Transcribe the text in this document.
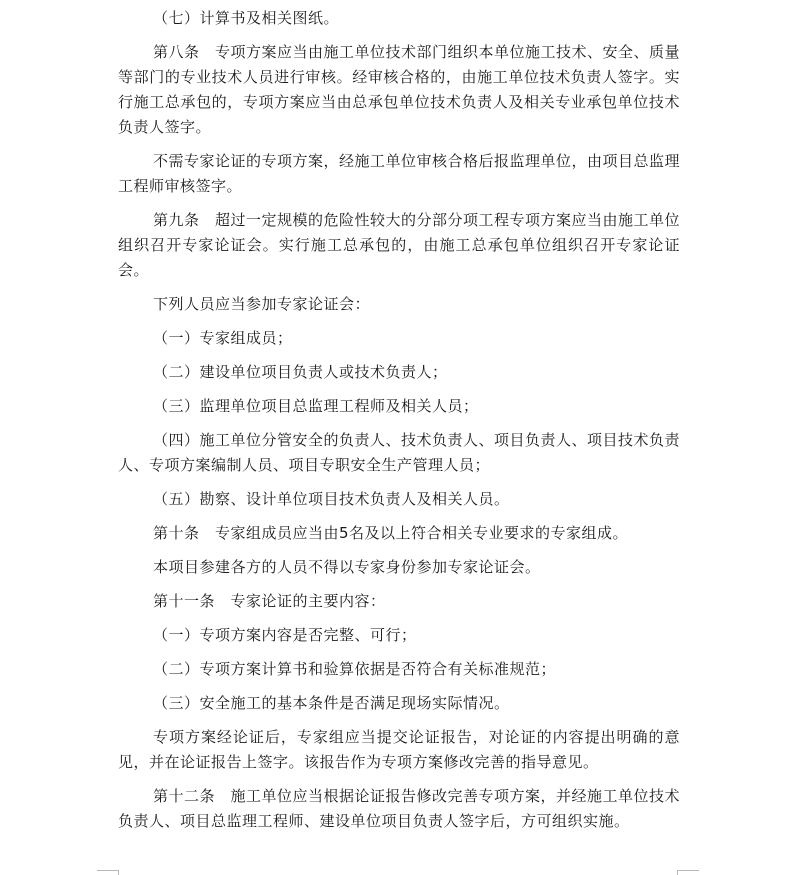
（七）计算书及相关图纸。

第八条　专项方案应当由施工单位技术部门组织本单位施工技术、安全、质量等部门的专业技术人员进行审核。经审核合格的，由施工单位技术负责人签字。实行施工总承包的，专项方案应当由总承包单位技术负责人及相关专业承包单位技术负责人签字。

不需专家论证的专项方案，经施工单位审核合格后报监理单位，由项目总监理工程师审核签字。

第九条　超过一定规模的危险性较大的分部分项工程专项方案应当由施工单位组织召开专家论证会。实行施工总承包的，由施工总承包单位组织召开专家论证会。

下列人员应当参加专家论证会：

（一）专家组成员；

（二）建设单位项目负责人或技术负责人；

（三）监理单位项目总监理工程师及相关人员；

（四）施工单位分管安全的负责人、技术负责人、项目负责人、项目技术负责人、专项方案编制人员、项目专职安全生产管理人员；

（五）勘察、设计单位项目技术负责人及相关人员。

第十条　专家组成员应当由5名及以上符合相关专业要求的专家组成。

本项目参建各方的人员不得以专家身份参加专家论证会。

第十一条　专家论证的主要内容：

（一）专项方案内容是否完整、可行；

（二）专项方案计算书和验算依据是否符合有关标准规范；

（三）安全施工的基本条件是否满足现场实际情况。

专项方案经论证后，专家组应当提交论证报告，对论证的内容提出明确的意见，并在论证报告上签字。该报告作为专项方案修改完善的指导意见。

第十二条　施工单位应当根据论证报告修改完善专项方案，并经施工单位技术负责人、项目总监理工程师、建设单位项目负责人签字后，方可组织实施。
